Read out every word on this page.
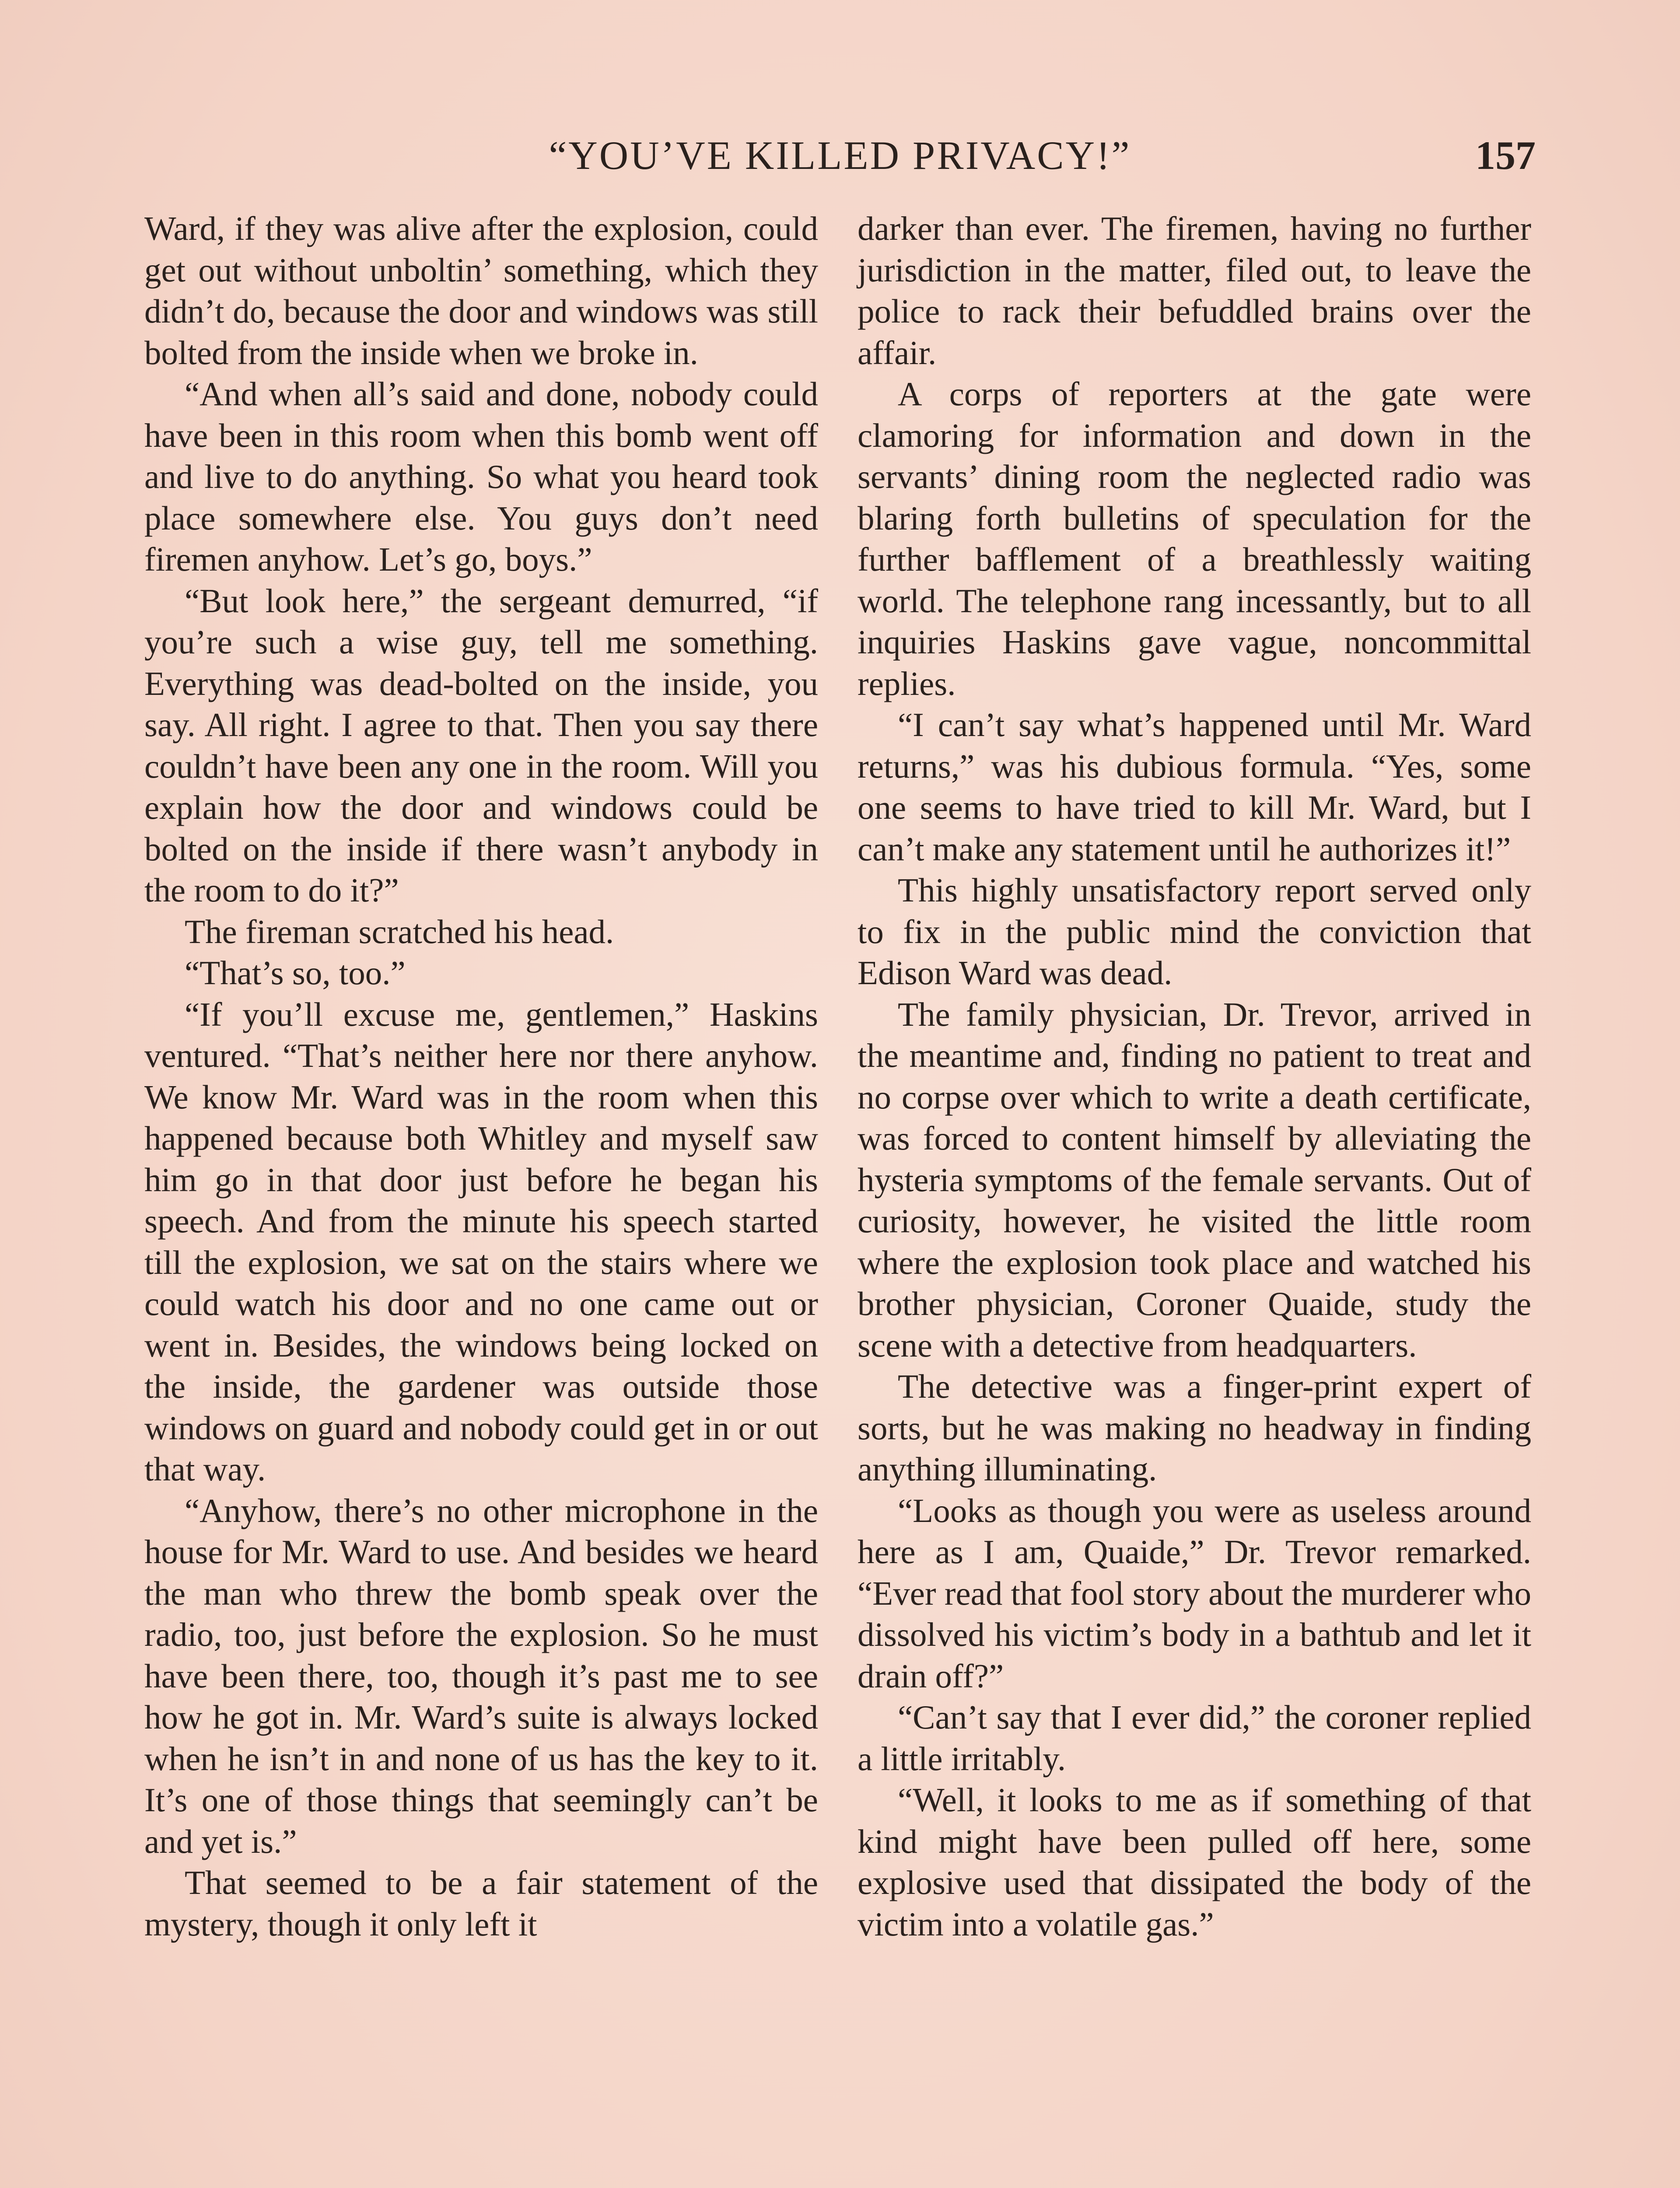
“YOU’VE KILLED PRIVACY!”	157

Ward, if they was alive after the explosion, could get out without unboltin’ something, which they didn’t do, because the door and windows was still bolted from the inside when we broke in.

“And when all’s said and done, nobody could have been in this room when this bomb went off and live to do anything. So what you heard took place somewhere else. You guys don’t need firemen anyhow. Let’s go, boys.”

“But look here,” the sergeant demurred, “if you’re such a wise guy, tell me something. Everything was dead-bolted on the inside, you say. All right. I agree to that. Then you say there couldn’t have been any one in the room. Will you explain how the door and windows could be bolted on the inside if there wasn’t anybody in the room to do it?”

The fireman scratched his head.

“That’s so, too.”

“If you’ll excuse me, gentlemen,” Haskins ventured. “That’s neither here nor there anyhow. We know Mr. Ward was in the room when this happened because both Whitley and myself saw him go in that door just before he began his speech. And from the minute his speech started till the explosion, we sat on the stairs where we could watch his door and no one came out or went in. Besides, the windows being locked on the inside, the gardener was outside those windows on guard and nobody could get in or out that way.

“Anyhow, there’s no other microphone in the house for Mr. Ward to use. And besides we heard the man who threw the bomb speak over the radio, too, just before the explosion. So he must have been there, too, though it’s past me to see how he got in. Mr. Ward’s suite is always locked when he isn’t in and none of us has the key to it. It’s one of those things that seemingly can’t be and yet is.”

That seemed to be a fair statement of the mystery, though it only left it

darker than ever. The firemen, having no further jurisdiction in the matter, filed out, to leave the police to rack their befuddled brains over the affair.

A corps of reporters at the gate were clamoring for information and down in the servants’ dining room the neglected radio was blaring forth bulletins of speculation for the further bafflement of a breathlessly waiting world. The telephone rang incessantly, but to all inquiries Haskins gave vague, noncommittal replies.

“I can’t say what’s happened until Mr. Ward returns,” was his dubious formula. “Yes, some one seems to have tried to kill Mr. Ward, but I can’t make any statement until he authorizes it!”

This highly unsatisfactory report served only to fix in the public mind the conviction that Edison Ward was dead.

The family physician, Dr. Trevor, arrived in the meantime and, finding no patient to treat and no corpse over which to write a death certificate, was forced to content himself by alleviating the hysteria symptoms of the female servants. Out of curiosity, however, he visited the little room where the explosion took place and watched his brother physician, Coroner Quaide, study the scene with a detective from headquarters.

The detective was a finger-print expert of sorts, but he was making no headway in finding anything illuminating.

“Looks as though you were as useless around here as I am, Quaide,” Dr. Trevor remarked. “Ever read that fool story about the murderer who dissolved his victim’s body in a bathtub and let it drain off?”

“Can’t say that I ever did,” the coroner replied a little irritably.

“Well, it looks to me as if something of that kind might have been pulled off here, some explosive used that dissipated the body of the victim into a volatile gas.”
